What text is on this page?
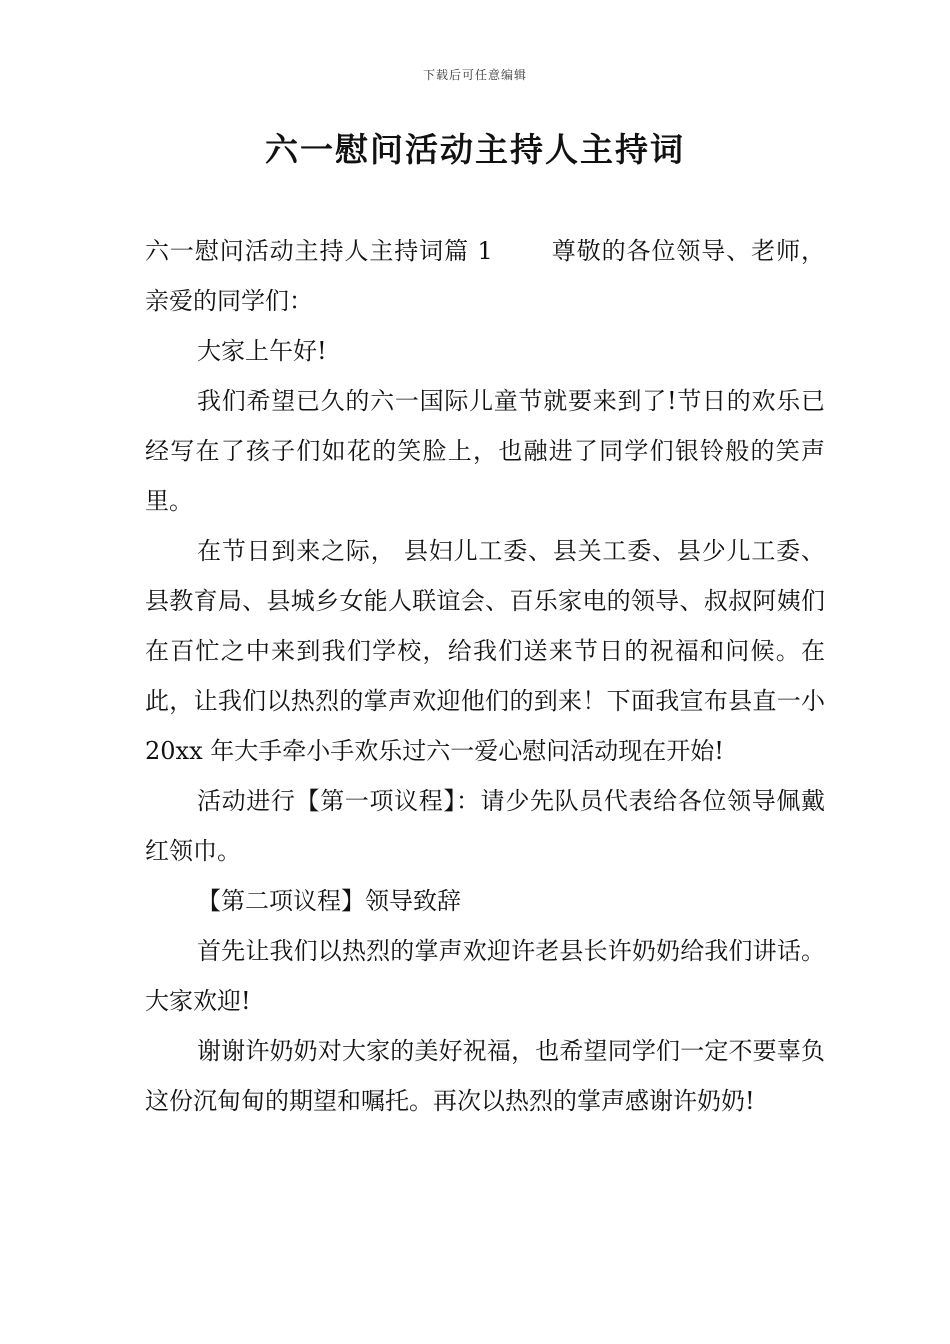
下载后可任意编辑
六一慰问活动主持人主持词

六一慰问活动主持人主持词篇 1 尊敬的各位领导、老师，亲爱的同学们：

大家上午好!

我们希望已久的六一国际儿童节就要来到了!节日的欢乐已经写在了孩子们如花的笑脸上，也融进了同学们银铃般的笑声里。

在节日到来之际， 县妇儿工委、县关工委、县少儿工委、县教育局、县城乡女能人联谊会、百乐家电的领导、叔叔阿姨们在百忙之中来到我们学校，给我们送来节日的祝福和问候。在此，让我们以热烈的掌声欢迎他们的到来！下面我宣布县直一小 20xx 年大手牵小手欢乐过六一爱心慰问活动现在开始!

活动进行【第一项议程】：请少先队员代表给各位领导佩戴红领巾。

【第二项议程】领导致辞

首先让我们以热烈的掌声欢迎许老县长许奶奶给我们讲话。大家欢迎!

谢谢许奶奶对大家的美好祝福，也希望同学们一定不要辜负这份沉甸甸的期望和嘱托。再次以热烈的掌声感谢许奶奶!
